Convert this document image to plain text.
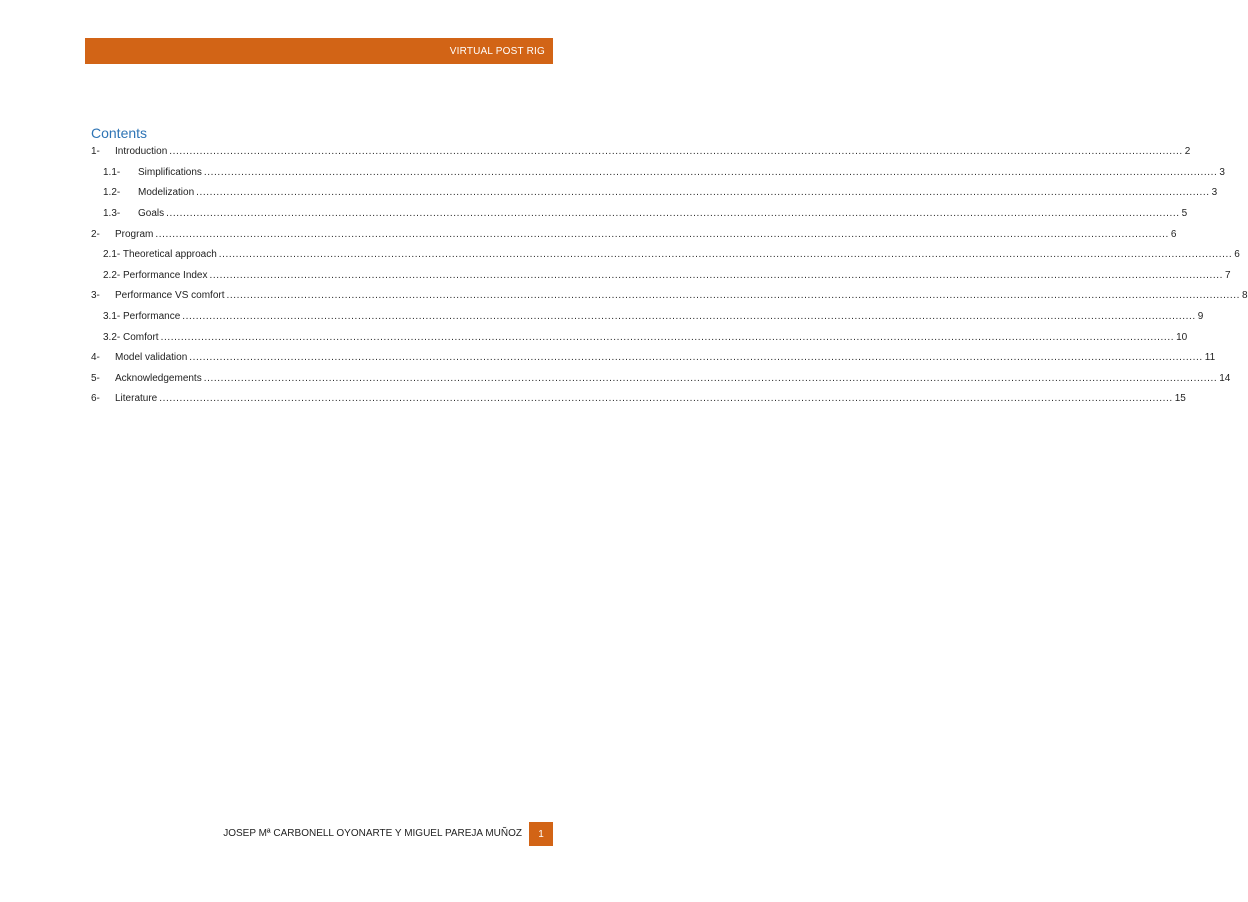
VIRTUAL POST RIG
Contents
1-	Introduction ............................................................................................................................................................................................................................................................................................................ 2
1.1-	Simplifications ............................................................................................................................................................................................................................................................................................................ 3
1.2-	Modelization ............................................................................................................................................................................................................................................................................................................ 3
1.3-	Goals ............................................................................................................................................................................................................................................................................................................ 5
2-	Program ............................................................................................................................................................................................................................................................................................................ 6
2.1- Theoretical approach ............................................................................................................................................................................................................................................................................................................ 6
2.2- Performance Index ............................................................................................................................................................................................................................................................................................................ 7
3-	Performance VS comfort ............................................................................................................................................................................................................................................................................................................ 8
3.1- Performance ............................................................................................................................................................................................................................................................................................................ 9
3.2- Comfort ............................................................................................................................................................................................................................................................................................................ 10
4-	Model validation ............................................................................................................................................................................................................................................................................................................ 11
5-	Acknowledgements ............................................................................................................................................................................................................................................................................................................ 14
6-	Literature ............................................................................................................................................................................................................................................................................................................ 15
JOSEP Mª CARBONELL OYONARTE Y MIGUEL PAREJA MUÑOZ	1
